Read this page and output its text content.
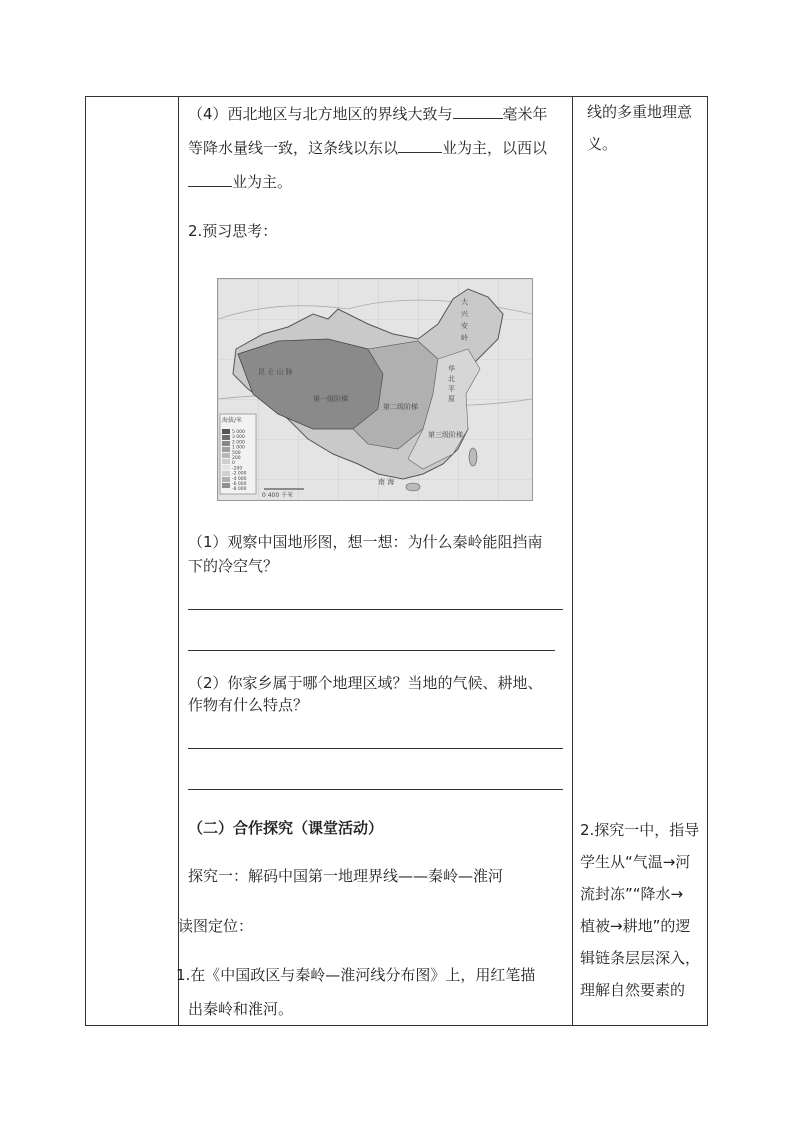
（4）西北地区与北方地区的界线大致与	毫米年
等降水量线一致，这条线以东以	业为主，以西以
业为主。
2.预习思考：
0 400 千米
海拔/米
5 000
3 000
2 000
1 000
500
200
0
-200
-2 000
-4 000
-6 000
-8 000
第一级阶梯
第二级阶梯
第三级阶梯
昆 仑 山 脉
南 海
大
兴
安
岭
华
北
平
原
（1）观察中国地形图，想一想：为什么秦岭能阻挡南
下的冷空气？
（2）你家乡属于哪个地理区域？当地的气候、耕地、
作物有什么特点？
（二）合作探究（课堂活动）
探究一：解码中国第一地理界线——秦岭—淮河
读图定位：
1.在《中国政区与秦岭—淮河线分布图》上，用红笔描
出秦岭和淮河。
线的多重地理意
义。
2.探究一中，指导
学生从“气温→河
流封冻”“降水→
植被→耕地”的逻
辑链条层层深入，
理解自然要素的
